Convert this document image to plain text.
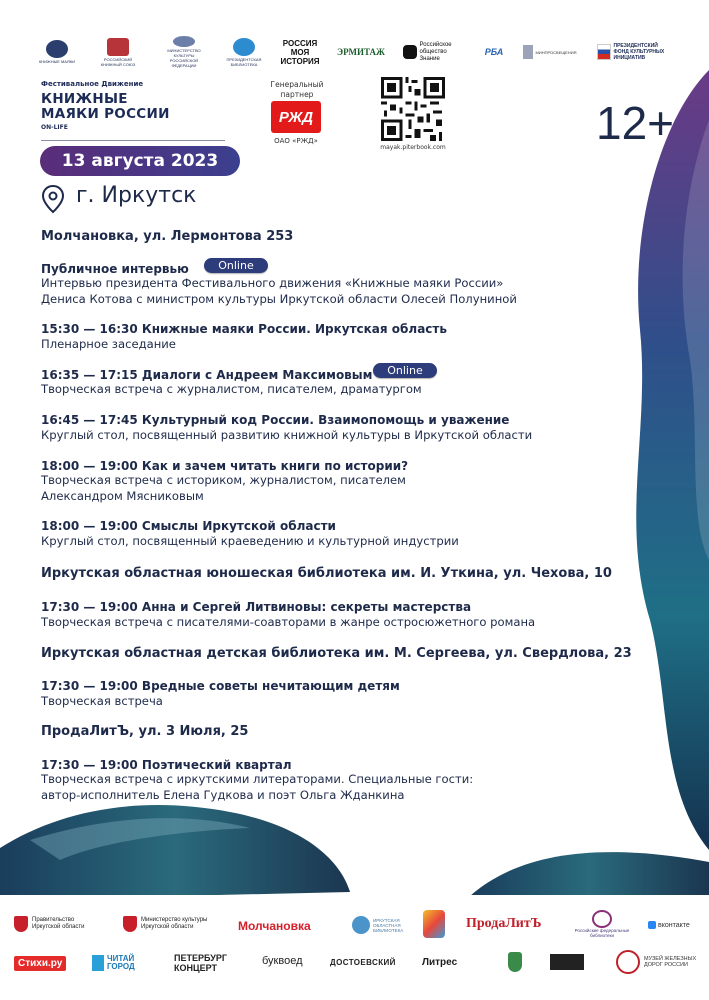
КНИЖНЫЕ МАЯКИ	РОССИЙСКИЙ КНИЖНЫЙ СОЮЗ
МИНИСТЕРСТВО КУЛЬТУРЫ РОССИЙСКОЙ ФЕДЕРАЦИИ
ПРЕЗИДЕНТСКАЯ БИБЛИОТЕКА
РОССИЯ МОЯ ИСТОРИЯ
ЭРМИТАЖ
Российское общество Знание
РБА	МИНПРОСВЕЩЕНИЯ
ПРЕЗИДЕНТСКИЙ ФОНД КУЛЬТУРНЫХ ИНИЦИАТИВ
Фестивальное Движение
КНИЖНЫЕ
МАЯКИ РОССИИ
ON-LIFE
13 августа 2023
г. Иркутск
Генеральный партнер
РЖД
ОАО «РЖД»
mayak.piterbook.com	12+
Молчановка, ул. Лермонтова 253
Публичное интервью	Online
Интервью президента Фестивального движения «Книжные маяки России»
Дениса Котова с министром культуры Иркутской области Олесей Полуниной
15:30 — 16:30 Книжные маяки России. Иркутская область
Пленарное заседание
16:35 — 17:15 Диалоги с Андреем Максимовым	Online
Творческая встреча с журналистом, писателем, драматургом
16:45 — 17:45 Культурный код России. Взаимопомощь и уважение
Круглый стол, посвященный развитию книжной культуры в Иркутской области
18:00 — 19:00 Как и зачем читать книги по истории?
Творческая встреча с историком, журналистом, писателем
Александром Мясниковым
18:00 — 19:00 Смыслы Иркутской области
Круглый стол, посвященный краеведению и культурной индустрии
Иркутская областная юношеская библиотека им. И. Уткина, ул. Чехова, 10
17:30 — 19:00 Анна и Сергей Литвиновы: секреты мастерства
Творческая встреча с писателями-соавторами в жанре остросюжетного романа
Иркутская областная детская библиотека им. М. Сергеева, ул. Свердлова, 23
17:30 — 19:00 Вредные советы нечитающим детям
Творческая встреча
ПродаЛитЪ, ул. 3 Июля, 25
17:30 — 19:00 Поэтический квартал
Творческая встреча с иркутскими литераторами. Специальные гости:
автор-исполнитель Елена Гудкова и поэт Ольга Жданкина
Правительство Иркутской области
Министерство культуры Иркутской области	Молчановка	ИРКУТСКАЯ ОБЛАСТНАЯ БИБЛИОТЕКА	ПродаЛитЪ	Российские федеральные библиотеки
вконтакте
Стихи.ру	ЧИТАЙ ГОРОД
ПЕТЕРБУРГ КОНЦЕРТ
буквоед	ДОСТОЕВСКИЙ	Литрес	МУЗЕЙ ЖЕЛЕЗНЫХ ДОРОГ РОССИИ
